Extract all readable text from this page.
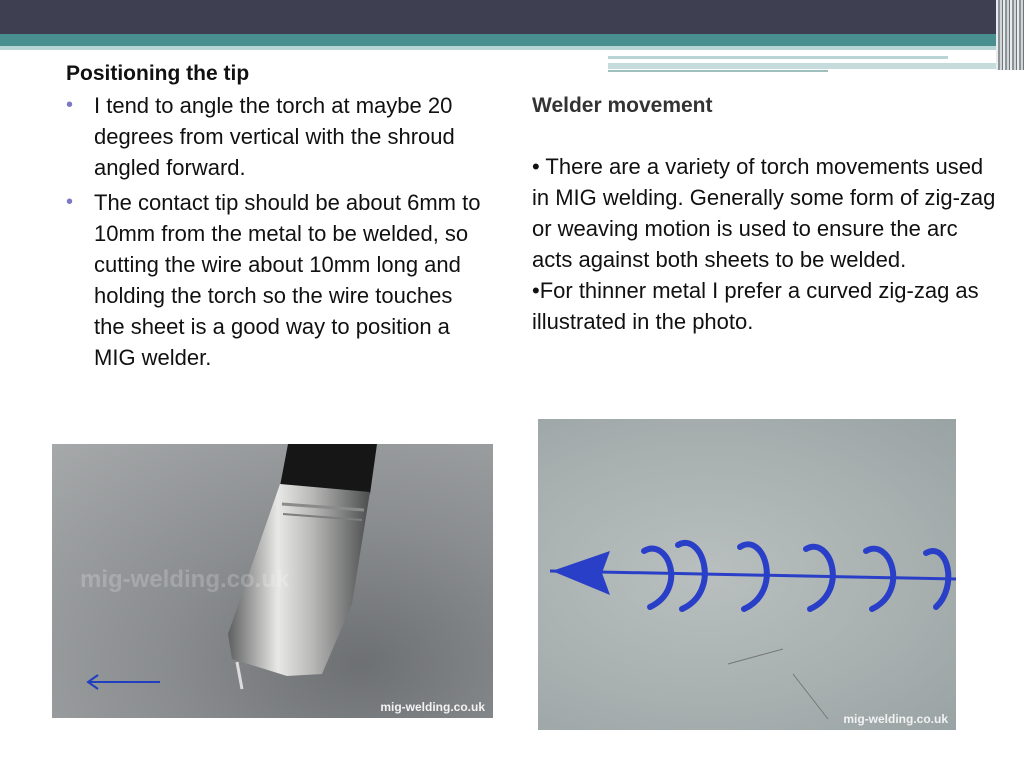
Positioning the tip
• I tend to angle the torch at maybe 20 degrees from vertical with the shroud angled forward.
• The contact tip should be about 6mm to 10mm from the metal to be welded, so cutting the wire about 10mm long and holding the torch so the wire touches the sheet is a good way to position a MIG welder.
Welder movement

• There are a variety of torch movements used in MIG welding. Generally some form of zig-zag or weaving motion is used to ensure the arc acts against both sheets to be welded.

•For thinner metal I prefer a curved zig-zag as illustrated in the photo.

mig-welding.co.uk
mig-welding.co.uk
mig-welding.co.uk
